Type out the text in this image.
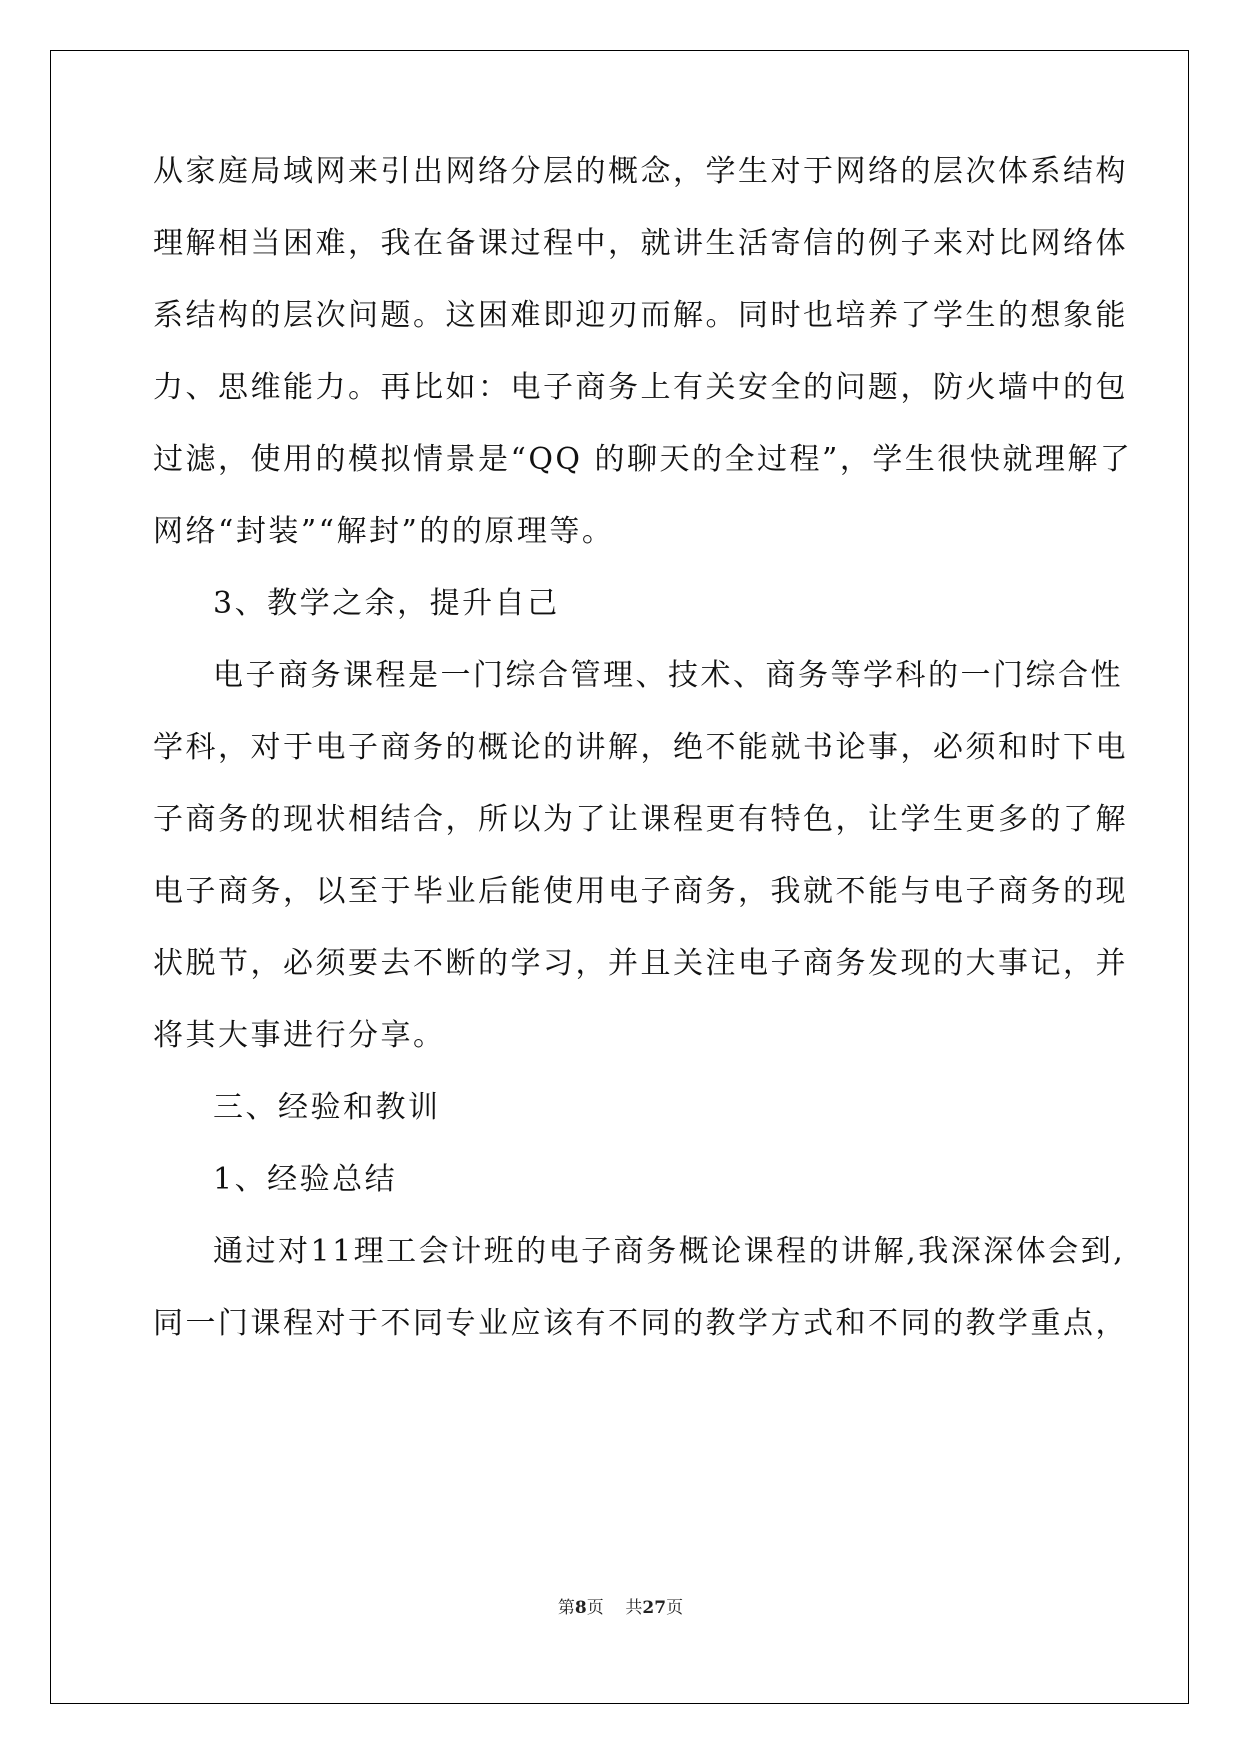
从家庭局域网来引出网络分层的概念，学生对于网络的层次体系结构

理解相当困难，我在备课过程中，就讲生活寄信的例子来对比网络体

系结构的层次问题。这困难即迎刃而解。同时也培养了学生的想象能

力、思维能力。再比如：电子商务上有关安全的问题，防火墙中的包

过滤，使用的模拟情景是“QQ 的聊天的全过程”，学生很快就理解了

网络“封装”“解封”的的原理等。

3、教学之余，提升自己

电子商务课程是一门综合管理、技术、商务等学科的一门综合性

学科，对于电子商务的概论的讲解，绝不能就书论事，必须和时下电

子商务的现状相结合，所以为了让课程更有特色，让学生更多的了解

电子商务，以至于毕业后能使用电子商务，我就不能与电子商务的现

状脱节，必须要去不断的学习，并且关注电子商务发现的大事记，并

将其大事进行分享。

三、经验和教训

1、经验总结

通过对11理工会计班的电子商务概论课程的讲解,我深深体会到,

同一门课程对于不同专业应该有不同的教学方式和不同的教学重点，

第8页 共27页
